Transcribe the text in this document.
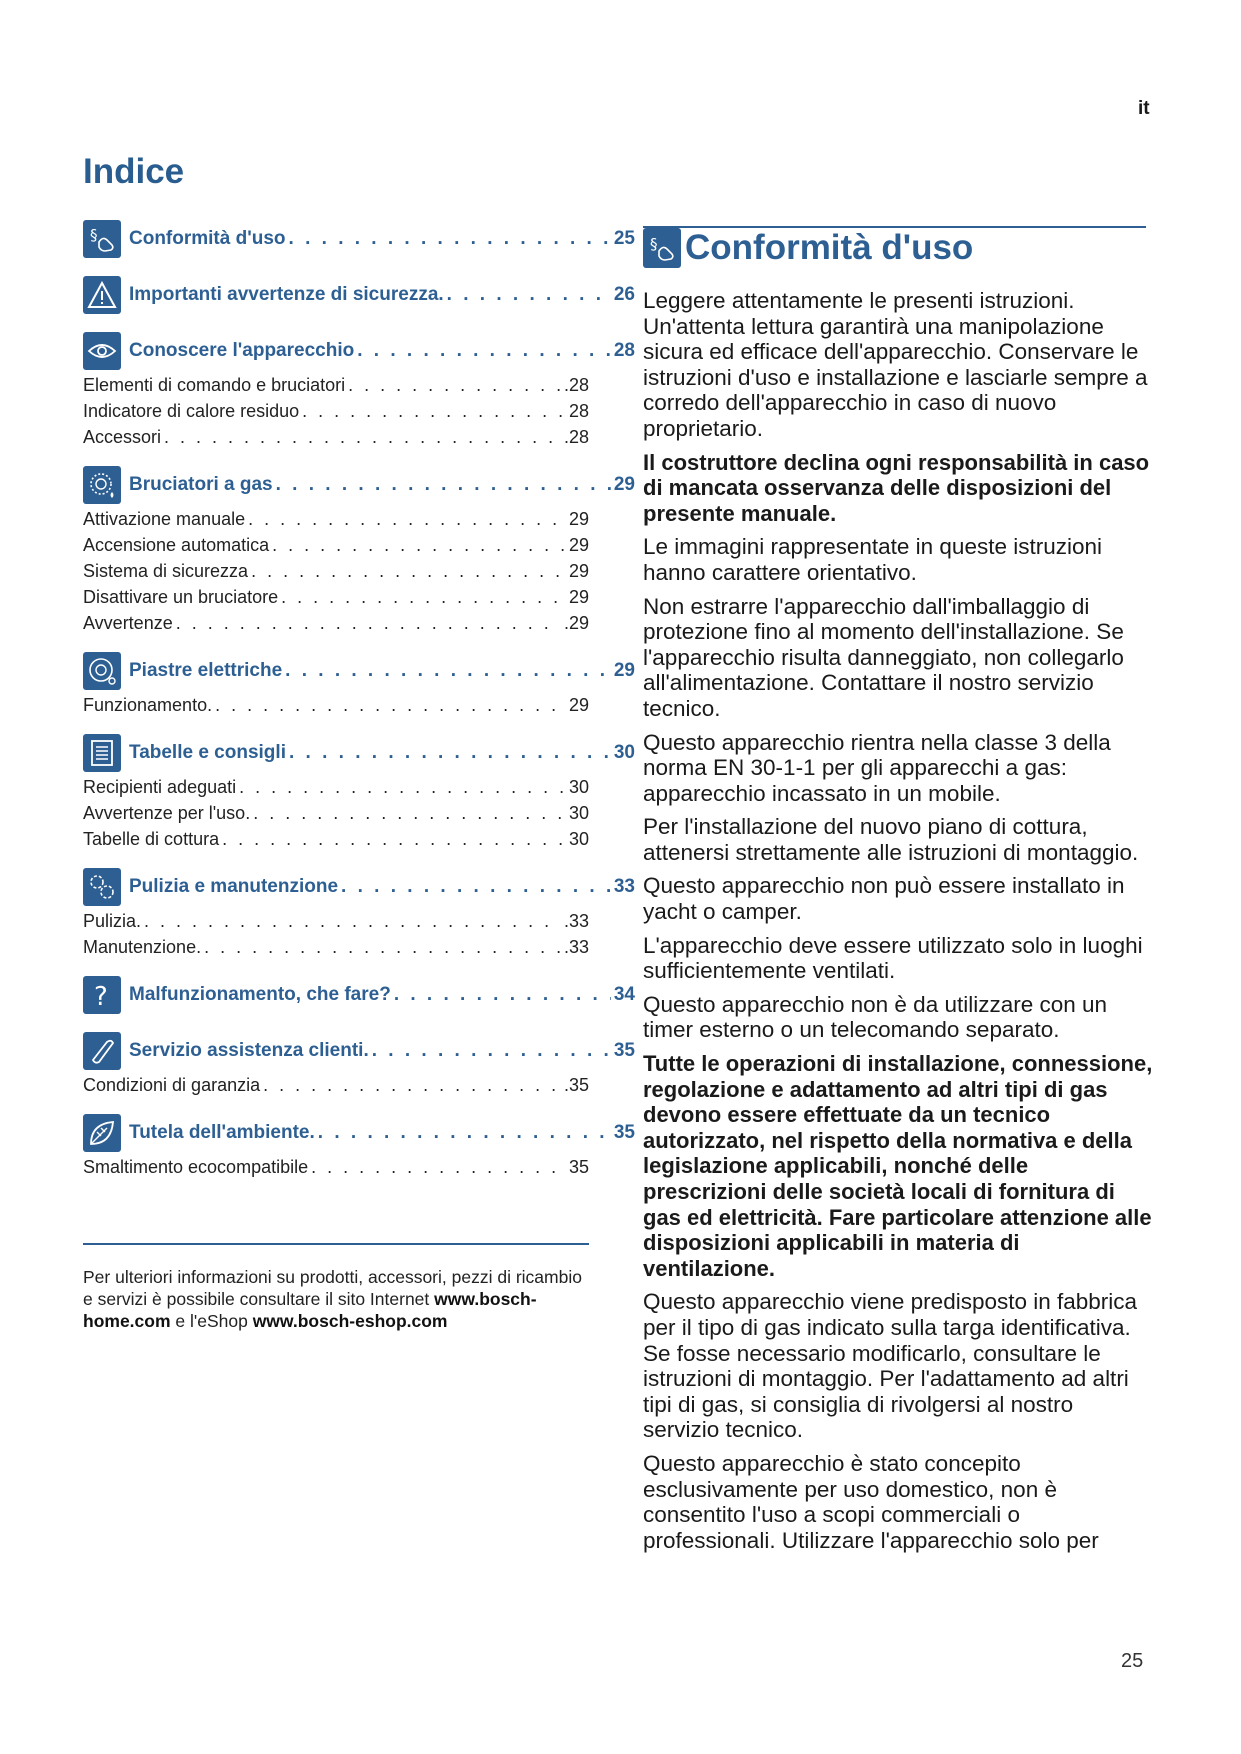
it
Indice
§ Conformità d'uso . . .	25
Importanti avvertenze di sicurezza. . . .	26
Conoscere l'apparecchio . . .	28
Elementi di comando e bruciatori . . .	.28
Indicatore di calore residuo . . .	28
Accessori . . .	.28
Bruciatori a gas . . .	29
Attivazione manuale . . .	29
Accensione automatica . . .	29
Sistema di sicurezza . . .	29
Disattivare un bruciatore . . .	29
Avvertenze . . .	.29
Piastre elettriche . . .	29
Funzionamento. . . .	29
Tabelle e consigli . . .	30
Recipienti adeguati . . .	30
Avvertenze per l'uso. . . .	30
Tabelle di cottura . . .	30
Pulizia e manutenzione . . .	33
Pulizia. . . .	.33
Manutenzione. . . .	.33
? Malfunzionamento, che fare? . . .	34
Servizio assistenza clienti. . . .	35
Condizioni di garanzia . . .	.35
Tutela dell'ambiente. . . .	35
Smaltimento ecocompatibile . . .	35
Per ulteriori informazioni su prodotti, accessori, pezzi di ricambio e servizi è possibile consultare il sito Internet www.bosch-home.com e l'eShop www.bosch-eshop.com
§ Conformità d'uso

Leggere attentamente le presenti istruzioni. Un'attenta lettura garantirà una manipolazione sicura ed efficace dell'apparecchio. Conservare le istruzioni d'uso e installazione e lasciarle sempre a corredo dell'apparecchio in caso di nuovo proprietario.

Il costruttore declina ogni responsabilità in caso di mancata osservanza delle disposizioni del presente manuale.

Le immagini rappresentate in queste istruzioni hanno carattere orientativo.

Non estrarre l'apparecchio dall'imballaggio di protezione fino al momento dell'installazione. Se l'apparecchio risulta danneggiato, non collegarlo all'alimentazione. Contattare il nostro servizio tecnico.

Questo apparecchio rientra nella classe 3 della norma EN 30-1-1 per gli apparecchi a gas: apparecchio incassato in un mobile.

Per l'installazione del nuovo piano di cottura, attenersi strettamente alle istruzioni di montaggio.

Questo apparecchio non può essere installato in yacht o camper.

L'apparecchio deve essere utilizzato solo in luoghi sufficientemente ventilati.

Questo apparecchio non è da utilizzare con un timer esterno o un telecomando separato.

Tutte le operazioni di installazione, connessione, regolazione e adattamento ad altri tipi di gas devono essere effettuate da un tecnico autorizzato, nel rispetto della normativa e della legislazione applicabili, nonché delle prescrizioni delle società locali di fornitura di gas ed elettricità. Fare particolare attenzione alle disposizioni applicabili in materia di ventilazione.

Questo apparecchio viene predisposto in fabbrica per il tipo di gas indicato sulla targa identificativa. Se fosse necessario modificarlo, consultare le istruzioni di montaggio. Per l'adattamento ad altri tipi di gas, si consiglia di rivolgersi al nostro servizio tecnico.

Questo apparecchio è stato concepito esclusivamente per uso domestico, non è consentito l'uso a scopi commerciali o professionali. Utilizzare l'apparecchio solo per

25
